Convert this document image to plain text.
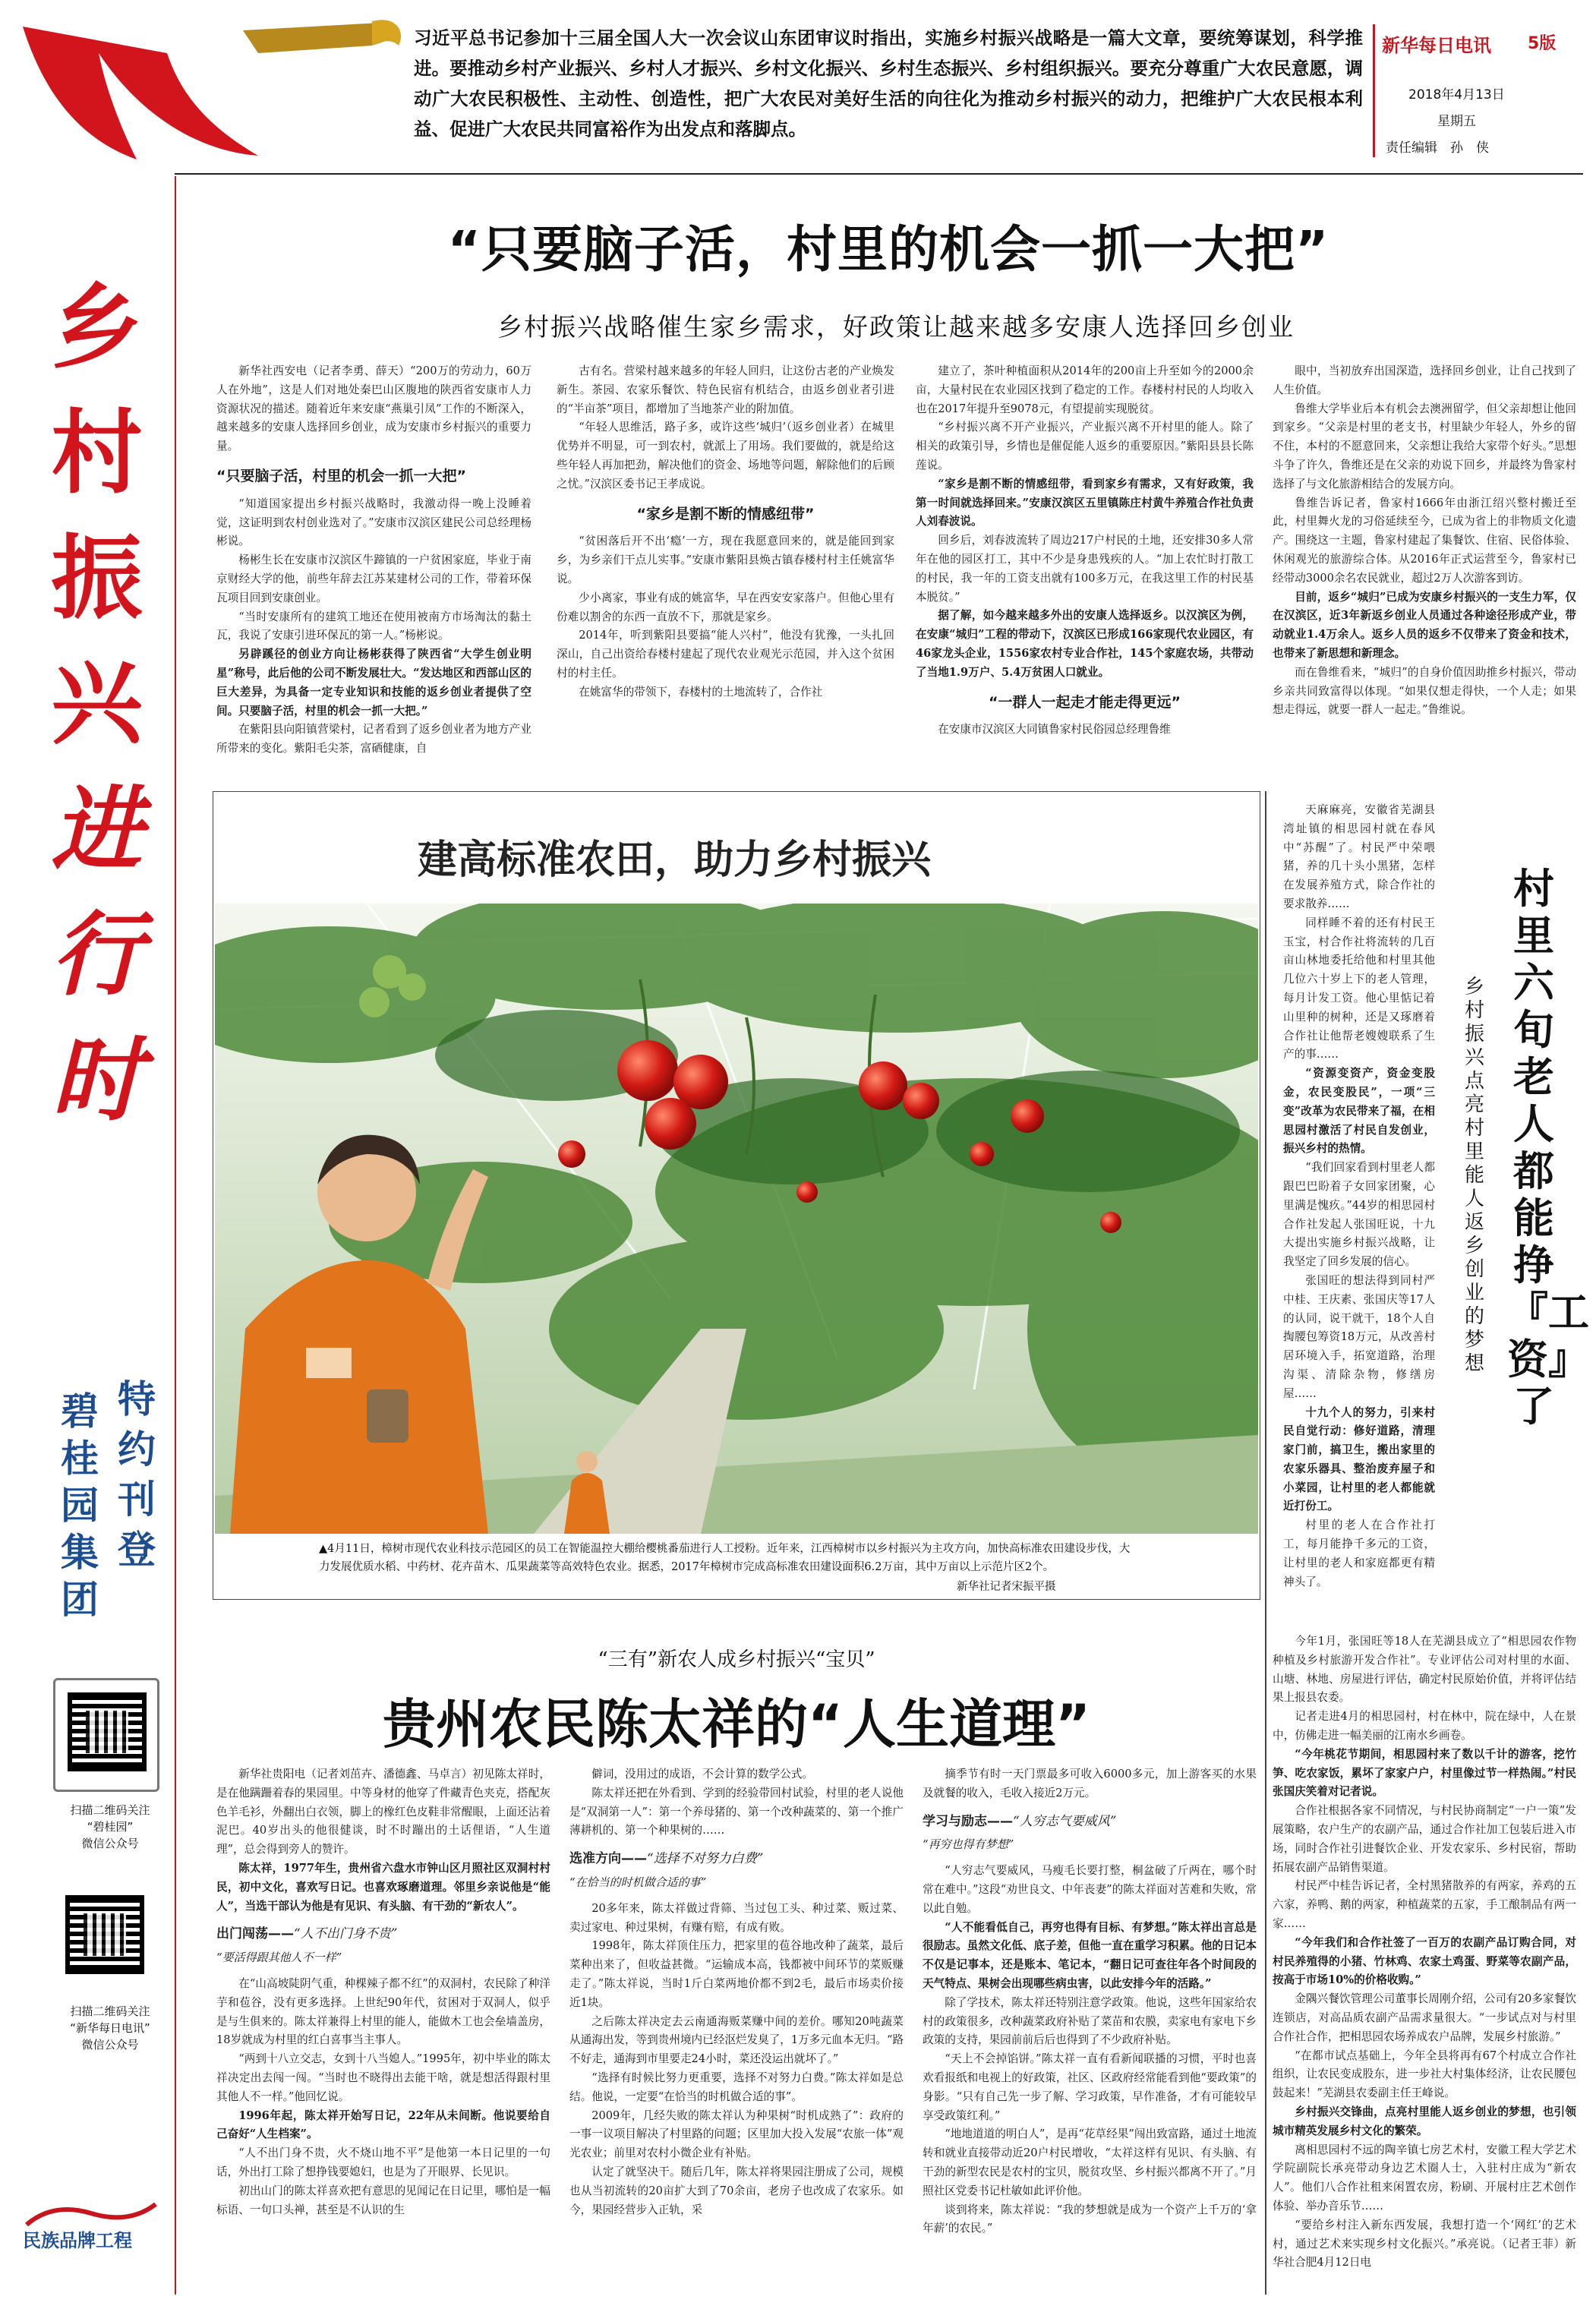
习近平总书记参加十三届全国人大一次会议山东团审议时指出，实施乡村振兴战略是一篇大文章，要统筹谋划，科学推进。要推动乡村产业振兴、乡村人才振兴、乡村文化振兴、乡村生态振兴、乡村组织振兴。要充分尊重广大农民意愿，调动广大农民积极性、主动性、创造性，把广大农民对美好生活的向往化为推动乡村振兴的动力，把维护广大农民根本利益、促进广大农民共同富裕作为出发点和落脚点。
新华每日电讯 5版
2018年4月13日
星期五
责任编辑　孙　侠
乡
村
振
兴
进
行
时
特
约
刊
登
碧
桂
园
集
团
扫描二维码关注
“碧桂园”
微信公众号
扫描二维码关注
“新华每日电讯”
微信公众号
民族品牌工程
“只要脑子活，村里的机会一抓一大把”
乡村振兴战略催生家乡需求，好政策让越来越多安康人选择回乡创业

新华社西安电（记者李勇、薛天）“200万的劳动力，60万人在外地”，这是人们对地处秦巴山区腹地的陕西省安康市人力资源状况的描述。随着近年来安康“燕巢引凤”工作的不断深入，越来越多的安康人选择回乡创业，成为安康市乡村振兴的重要力量。

“只要脑子活，村里的机会一抓一大把”

“知道国家提出乡村振兴战略时，我激动得一晚上没睡着觉，这证明到农村创业选对了。”安康市汉滨区建民公司总经理杨彬说。

杨彬生长在安康市汉滨区牛蹄镇的一户贫困家庭，毕业于南京财经大学的他，前些年辞去江苏某建材公司的工作，带着环保瓦项目回到安康创业。

“当时安康所有的建筑工地还在使用被南方市场淘汰的黏土瓦，我说了安康引进环保瓦的第一人。”杨彬说。

另辟蹊径的创业方向让杨彬获得了陕西省“大学生创业明星”称号，此后他的公司不断发展壮大。“发达地区和西部山区的巨大差异，为具备一定专业知识和技能的返乡创业者提供了空间。只要脑子活，村里的机会一抓一大把。”

在紫阳县向阳镇营梁村，记者看到了返乡创业者为地方产业所带来的变化。紫阳毛尖茶，富硒健康，自

古有名。营梁村越来越多的年轻人回归，让这份古老的产业焕发新生。茶园、农家乐餐饮、特色民宿有机结合，由返乡创业者引进的“半亩茶”项目，都增加了当地茶产业的附加值。

“年轻人思维活，路子多，或许这些‘城归’（返乡创业者）在城里优势并不明显，可一到农村，就派上了用场。我们要做的，就是给这些年轻人再加把劲，解决他们的资金、场地等问题，解除他们的后顾之忧。”汉滨区委书记王孝成说。

“家乡是割不断的情感纽带”

“贫困落后开不出‘瘾’一方，现在我愿意回来的，就是能回到家乡，为乡亲们干点儿实事。”安康市紫阳县焕古镇春楼村村主任姚富华说。

少小离家，事业有成的姚富华，早在西安安家落户。但他心里有份难以割舍的东西一直放不下，那就是家乡。

2014年，听到紫阳县要搞“能人兴村”，他没有犹豫，一头扎回深山，自己出资给春楼村建起了现代农业观光示范园，并入这个贫困村的村主任。

在姚富华的带领下，春楼村的土地流转了，合作社

建立了，茶叶种植面积从2014年的200亩上升至如今的2000余亩，大量村民在农业园区找到了稳定的工作。春楼村村民的人均收入也在2017年提升至9078元，有望提前实现脱贫。

“乡村振兴离不开产业振兴，产业振兴离不开村里的能人。除了相关的政策引导，乡情也是催促能人返乡的重要原因。”紫阳县县长陈莲说。

“家乡是割不断的情感纽带，看到家乡有需求，又有好政策，我第一时间就选择回来。”安康汉滨区五里镇陈庄村黄牛养殖合作社负责人刘春波说。

回乡后，刘春波流转了周边217户村民的土地，还安排30多人常年在他的园区打工，其中不少是身患残疾的人。“加上农忙时打散工的村民，我一年的工资支出就有100多万元，在我这里工作的村民基本脱贫。”

据了解，如今越来越多外出的安康人选择返乡。以汉滨区为例，在安康“城归”工程的带动下，汉滨区已形成166家现代农业园区，有46家龙头企业，1556家农村专业合作社，145个家庭农场，共带动了当地1.9万户、5.4万贫困人口就业。

“一群人一起走才能走得更远”

在安康市汉滨区大同镇鲁家村民俗园总经理鲁维

眼中，当初放弃出国深造，选择回乡创业，让自己找到了人生价值。

鲁维大学毕业后本有机会去澳洲留学，但父亲却想让他回到家乡。“父亲是村里的老支书，村里缺少年轻人，外乡的留不住，本村的不愿意回来，父亲想让我给大家带个好头。”思想斗争了许久，鲁维还是在父亲的劝说下回乡，并最终为鲁家村选择了与文化旅游相结合的发展方向。

鲁维告诉记者，鲁家村1666年由浙江绍兴整村搬迁至此，村里舞火龙的习俗延续至今，已成为省上的非物质文化遗产。围绕这一主题，鲁家村建起了集餐饮、住宿、民俗体验、休闲观光的旅游综合体。从2016年正式运营至今，鲁家村已经带动3000余名农民就业，超过2万人次游客到访。

目前，返乡“城归”已成为安康乡村振兴的一支生力军，仅在汉滨区，近3年新返乡创业人员通过各种途径形成产业，带动就业1.4万余人。返乡人员的返乡不仅带来了资金和技术，也带来了新思想和新理念。

而在鲁维看来，“城归”的自身价值因助推乡村振兴，带动乡亲共同致富得以体现。“如果仅想走得快，一个人走；如果想走得远，就要一群人一起走。”鲁维说。

建高标准农田，助力乡村振兴
▲4月11日，樟树市现代农业科技示范园区的员工在智能温控大棚给樱桃番茄进行人工授粉。近年来，江西樟树市以乡村振兴为主攻方向，加快高标准农田建设步伐，大力发展优质水稻、中药材、花卉苗木、瓜果蔬菜等高效特色农业。据悉，2017年樟树市完成高标准农田建设面积6.2万亩，其中万亩以上示范片区2个。
新华社记者宋振平摄
村里六旬老人都能挣『工资』了
乡村振兴点亮村里能人返乡创业的梦想

天麻麻亮，安徽省芜湖县湾址镇的相思园村就在春风中“苏醒”了。村民严中荣喂猪，养的几十头小黑猪，怎样在发展养殖方式，除合作社的要求散养……

同样睡不着的还有村民王玉宝，村合作社将流转的几百亩山林地委托给他和村里其他几位六十岁上下的老人管理，每月计发工资。他心里惦记着山里种的树种，还是又琢磨着合作社让他帮老嫂嫂联系了生产的事……

“资源变资产，资金变股金，农民变股民”，一项“三变”改革为农民带来了福，在相思园村激活了村民自发创业，振兴乡村的热情。

“我们回家看到村里老人都跟巴巴盼着子女回家团聚，心里满是愧疚。”44岁的相思园村合作社发起人张国旺说，十九大提出实施乡村振兴战略，让我坚定了回乡发展的信心。

张国旺的想法得到同村严中桂、王庆素、张国庆等17人的认同，说干就干，18个人自掏腰包筹资18万元，从改善村居环境入手，拓宽道路，治理沟渠、清除杂物，修缮房屋……

十九个人的努力，引来村民自觉行动：修好道路，清理家门前，搞卫生，搬出家里的农家乐器具、整治废弃屋子和小菜园，让村里的老人都能就近打份工。

村里的老人在合作社打工，每月能挣千多元的工资，让村里的老人和家庭都更有精神头了。

今年1月，张国旺等18人在芜湖县成立了“相思园农作物种植及乡村旅游开发合作社”。专业评估公司对村里的水面、山塘、林地、房屋进行评估，确定村民原始价值，并将评估结果上报县农委。

记者走进4月的相思园村，村在林中，院在绿中，人在景中，仿佛走进一幅美丽的江南水乡画卷。

“今年桃花节期间，相思园村来了数以千计的游客，挖竹笋、吃农家饭，累坏了家家户户，村里像过节一样热闹。”村民张国庆笑着对记者说。

合作社根据各家不同情况，与村民协商制定“一户一策”发展策略，农户生产的农副产品，通过合作社加工包装后进入市场，同时合作社引进餐饮企业、开发农家乐、乡村民宿，帮助拓展农副产品销售渠道。

村民严中桂告诉记者，全村黑猪散养的有两家，养鸡的五六家，养鸭、鹅的两家，种植蔬菜的五家，手工酿制品有两一家……

“今年我们和合作社签了一百万的农副产品订购合同，对村民养殖得的小猪、竹林鸡、农家土鸡蛋、野菜等农副产品，按高于市场10%的价格收购。”

金隅兴餐饮管理公司董事长周刚介绍，公司有20多家餐饮连锁店，对高品质农副产品需求量很大。“一步试点对与村里合作社合作，把相思园农场养成农户品牌，发展乡村旅游。”

“在都市试点基础上，今年全县将再有67个村成立合作社组织，让农民变成股东，进一步社大村集体经济，让农民腰包鼓起来！”芜湖县农委副主任王峰说。

乡村振兴交锋曲，点亮村里能人返乡创业的梦想，也引领城市精英发展乡村文化的繁荣。

离相思园村不远的陶辛镇七房艺术村，安徽工程大学艺术学院副院长承亮带动身边艺术圈人士，入驻村庄成为“新农人”。他们八合作社租来闲置农房，粉刷、开展村庄艺术创作体验、举办音乐节……

“要给乡村注入新东西发展，我想打造一个‘网红’的艺术村，通过艺术来实现乡村文化振兴。”承亮说。（记者王菲）新华社合肥4月12日电

“三有”新农人成乡村振兴“宝贝”
贵州农民陈太祥的“人生道理”

新华社贵阳电（记者刘茁卉、潘德鑫、马卓言）初见陈太祥时，是在他蹒跚着春的果园里。中等身材的他穿了件藏青色夹克，搭配灰色羊毛衫，外翻出白衣领，脚上的橡红色皮鞋非常醒眼，上面还沾着泥巴。40岁出头的他很健谈，时不时蹦出的土话俚语，“人生道理”，总会得到旁人的赞许。

陈太祥，1977年生，贵州省六盘水市钟山区月照社区双洞村村民，初中文化，喜欢写日记。也喜欢琢磨道理。邻里乡亲说他是“能人”，当选干部认为他是有见识、有头脑、有干劲的“新农人”。

出门闯荡——“人不出门身不贵”
“要活得跟其他人不一样”

在“山高坡陡阴气重，种棵辣子都不红”的双洞村，农民除了种洋芋和苞谷，没有更多选择。上世纪90年代，贫困对于双洞人，似乎是与生俱来的。陈太祥兼得上村里的能人，能做木工也会垒墙盖房，18岁就成为村里的红白喜事当主事人。

“两到十八立交志，女到十八当媳人。”1995年，初中毕业的陈太祥决定出去闯一闯。“当时也不晓得出去能干啥，就是想活得跟村里其他人不一样。”他回忆说。

1996年起，陈太祥开始写日记，22年从未间断。他说要给自己奋好“人生档案”。

“人不出门身不贵，火不烧山地不平”是他第一本日记里的一句话，外出打工除了想挣钱要媳妇，也是为了开眼界、长见识。

初出山门的陈太祥喜欢把有意思的见闻记在日记里，哪怕是一幅标语、一句口头禅，甚至是不认识的生

僻词，没用过的成语，不会计算的数学公式。

陈太祥还把在外看到、学到的经验带回村试验，村里的老人说他是“双洞第一人”：第一个养母猪的、第一个改种蔬菜的、第一个推广薄耕机的、第一个种果树的……

选准方向——“选择不对努力白费”
“在恰当的时机做合适的事”

20多年来，陈太祥做过背筛、当过包工头、种过菜、贩过菜、卖过家电、种过果树，有赚有赔，有成有败。

1998年，陈太祥顶住压力，把家里的苞谷地改种了蔬菜，最后菜种出来了，但收益甚微。“运输成本高，钱都被中间环节的菜贩赚走了。”陈太祥说，当时1斤白菜两地价都不到2毛，最后市场卖价接近1块。

之后陈太祥决定去云南通海贩菜赚中间的差价。哪知20吨蔬菜从通海出发，等到贵州境内已经沤烂发臭了，1万多元血本无归。“路不好走，通海到市里要走24小时，菜还没运出就坏了。”

“选择有时候比努力更重要，选择不对努力白费。”陈太祥如是总结。他说，一定要“在恰当的时机做合适的事”。

2009年，几经失败的陈太祥认为种果树“时机成熟了”：政府的一事一议项目解决了村里路的问题；区里加大投入发展“农旅一体”观光农业；前里对农村小微企业有补贴。

认定了就坚决干。随后几年，陈太祥将果园注册成了公司，规模也从当初流转的20亩扩大到了70余亩，老房子也改成了农家乐。如今，果园经营步入正轨，采

摘季节有时一天门票最多可收入6000多元，加上游客买的水果及就餐的收入，毛收入接近2万元。

学习与励志——“人穷志气要威风”
“再穷也得有梦想”

“人穷志气要威风，马瘦毛长要打整，桐盆破了斤两在，哪个时常在难中。”这段“劝世良文、中年丧妻”的陈太祥面对苦难和失败，常以此自勉。

“人不能看低自己，再穷也得有目标、有梦想。”陈太祥出言总是很励志。虽然文化低、底子差，但他一直在重学习积累。他的日记本不仅是记事本，还是账本、笔记本，“翻日记可查往年各个时间段的天气特点、果树会出现哪些病虫害，以此安排今年的活路。”

除了学技术，陈太祥还特别注意学政策。他说，这些年国家给农村的政策很多，改种蔬菜政府补贴了菜苗和农膜，卖家电有家电下乡政策的支持，果园前前后后也得到了不少政府补贴。

“天上不会掉馅饼。”陈太祥一直有看新闻联播的习惯，平时也喜欢看报纸和电视上的好政策，社区、区政府经常能看到他“要政策”的身影。“只有自己先一步了解、学习政策，早作准备，才有可能较早享受政策红利。”

“地地道道的明白人”，是再“花草经果”闯出致富路，通过土地流转和就业直接带动近20户村民增收，“太祥这样有见识、有头脑、有干劲的新型农民是农村的宝贝，脱贫攻坚、乡村振兴都离不开了。”月照社区党委书记杜敏如此评价他。

谈到将来，陈太祥说：“我的梦想就是成为一个资产上千万的‘拿年薪’的农民。”
